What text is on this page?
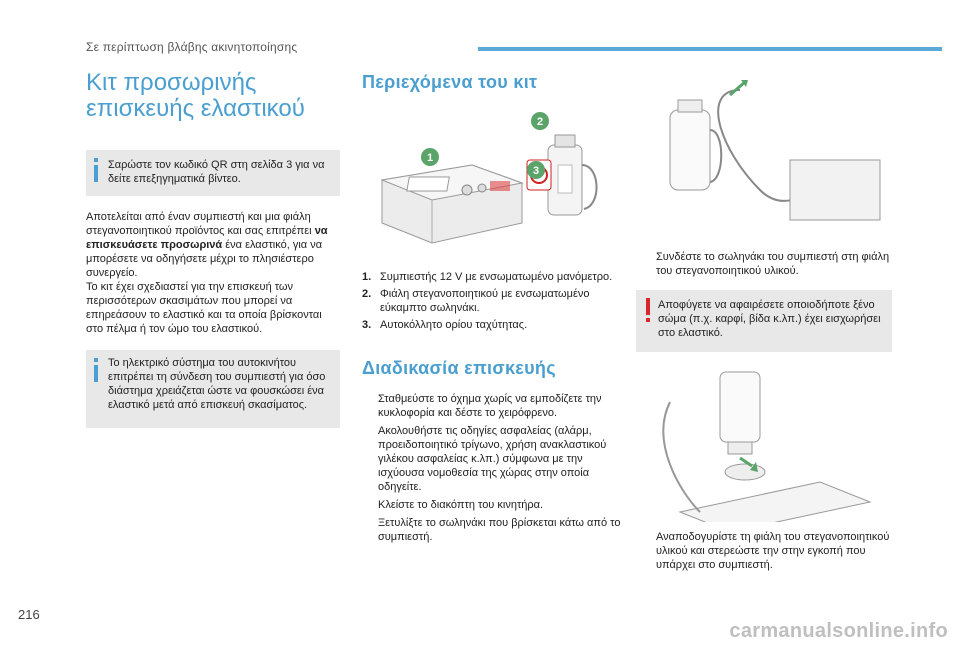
Σε περίπτωση βλάβης ακινητοποίησης
Κιτ προσωρινής επισκευής ελαστικού

Σαρώστε τον κωδικό QR στη σελίδα 3 για να δείτε επεξηγηματικά βίντεο.

Αποτελείται από έναν συμπιεστή και μια φιάλη στεγανοποιητικού προϊόντος και σας επιτρέπει να επισκευάσετε προσωρινά ένα ελαστικό, για να μπορέσετε να οδηγήσετε μέχρι το πλησιέστερο συνεργείο.
Το κιτ έχει σχεδιαστεί για την επισκευή των περισσότερων σκασιμάτων που μπορεί να επηρεάσουν το ελαστικό και τα οποία βρίσκονται στο πέλμα ή τον ώμο του ελαστικού.

Το ηλεκτρικό σύστημα του αυτοκινήτου επιτρέπει τη σύνδεση του συμπιεστή για όσο διάστημα χρειάζεται ώστε να φουσκώσει ένα ελαστικό μετά από επισκευή σκασίματος.

Περιεχόμενα του κιτ
1
2
3
1. Συμπιεστής 12 V με ενσωματωμένο μανόμετρο.
2. Φιάλη στεγανοποιητικού με ενσωματωμένο εύκαμπτο σωληνάκι.
3. Αυτοκόλλητο ορίου ταχύτητας.
Διαδικασία επισκευής
Σταθμεύστε το όχημα χωρίς να εμποδίζετε την κυκλοφορία και δέστε το χειρόφρενο.
Ακολουθήστε τις οδηγίες ασφαλείας (αλάρμ, προειδοποιητικό τρίγωνο, χρήση ανακλαστικού γιλέκου ασφαλείας κ.λπ.) σύμφωνα με την ισχύουσα νομοθεσία της χώρας στην οποία οδηγείτε.
Κλείστε το διακόπτη του κινητήρα.
Ξετυλίξτε το σωληνάκι που βρίσκεται κάτω από το συμπιεστή.
Συνδέστε το σωληνάκι του συμπιεστή στη φιάλη του στεγανοποιητικού υλικού.

Αποφύγετε να αφαιρέσετε οποιοδήποτε ξένο σώμα (π.χ. καρφί, βίδα κ.λπ.) έχει εισχωρήσει στο ελαστικό.

Αναποδογυρίστε τη φιάλη του στεγανοποιητικού υλικού και στερεώστε την στην εγκοπή που υπάρχει στο συμπιεστή.
216
carmanualsonline.info
